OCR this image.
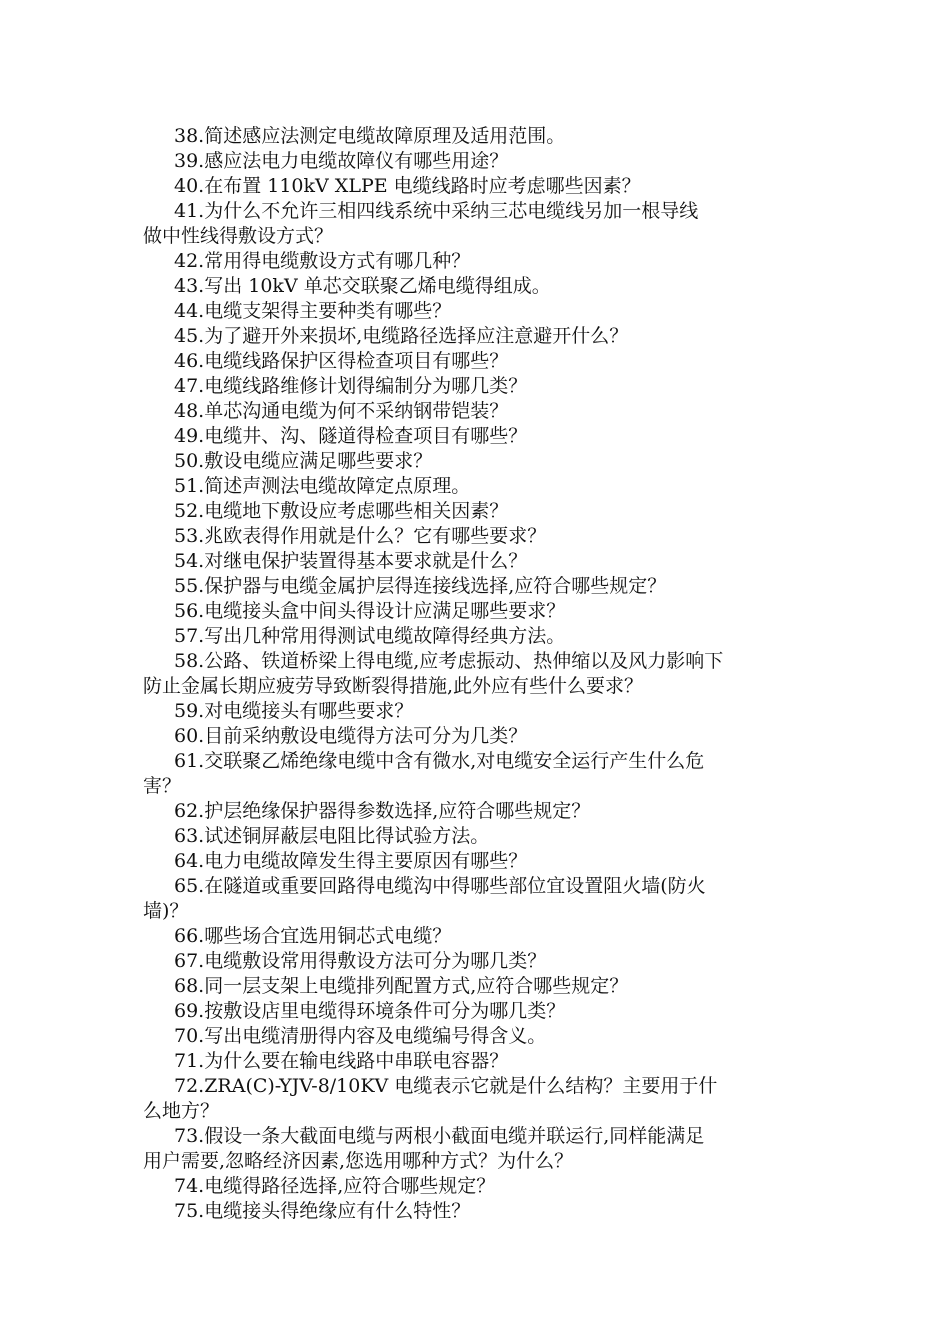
38.简述感应法测定电缆故障原理及适用范围。

39.感应法电力电缆故障仪有哪些用途？

40.在布置 110kV XLPE 电缆线路时应考虑哪些因素？

41.为什么不允许三相四线系统中采纳三芯电缆线另加一根导线
做中性线得敷设方式？

42.常用得电缆敷设方式有哪几种？

43.写出 10kV 单芯交联聚乙烯电缆得组成。

44.电缆支架得主要种类有哪些？

45.为了避开外来损坏,电缆路径选择应注意避开什么？

46.电缆线路保护区得检查项目有哪些？

47.电缆线路维修计划得编制分为哪几类？

48.单芯沟通电缆为何不采纳钢带铠装？

49.电缆井、沟、隧道得检查项目有哪些？

50.敷设电缆应满足哪些要求？

51.简述声测法电缆故障定点原理。

52.电缆地下敷设应考虑哪些相关因素？

53.兆欧表得作用就是什么？它有哪些要求？

54.对继电保护装置得基本要求就是什么？

55.保护器与电缆金属护层得连接线选择,应符合哪些规定？

56.电缆接头盒中间头得设计应满足哪些要求？

57.写出几种常用得测试电缆故障得经典方法。

58.公路、铁道桥梁上得电缆,应考虑振动、热伸缩以及风力影响下
防止金属长期应疲劳导致断裂得措施,此外应有些什么要求？

59.对电缆接头有哪些要求？

60.目前采纳敷设电缆得方法可分为几类？

61.交联聚乙烯绝缘电缆中含有微水,对电缆安全运行产生什么危
害？

62.护层绝缘保护器得参数选择,应符合哪些规定？

63.试述铜屏蔽层电阻比得试验方法。

64.电力电缆故障发生得主要原因有哪些？

65.在隧道或重要回路得电缆沟中得哪些部位宜设置阻火墙(防火
墙)？

66.哪些场合宜选用铜芯式电缆？

67.电缆敷设常用得敷设方法可分为哪几类？

68.同一层支架上电缆排列配置方式,应符合哪些规定？

69.按敷设店里电缆得环境条件可分为哪几类？

70.写出电缆清册得内容及电缆编号得含义。

71.为什么要在输电线路中串联电容器？

72.ZRA(C)-YJV-8/10KV 电缆表示它就是什么结构？主要用于什
么地方？

73.假设一条大截面电缆与两根小截面电缆并联运行,同样能满足
用户需要,忽略经济因素,您选用哪种方式？为什么？

74.电缆得路径选择,应符合哪些规定？

75.电缆接头得绝缘应有什么特性？
